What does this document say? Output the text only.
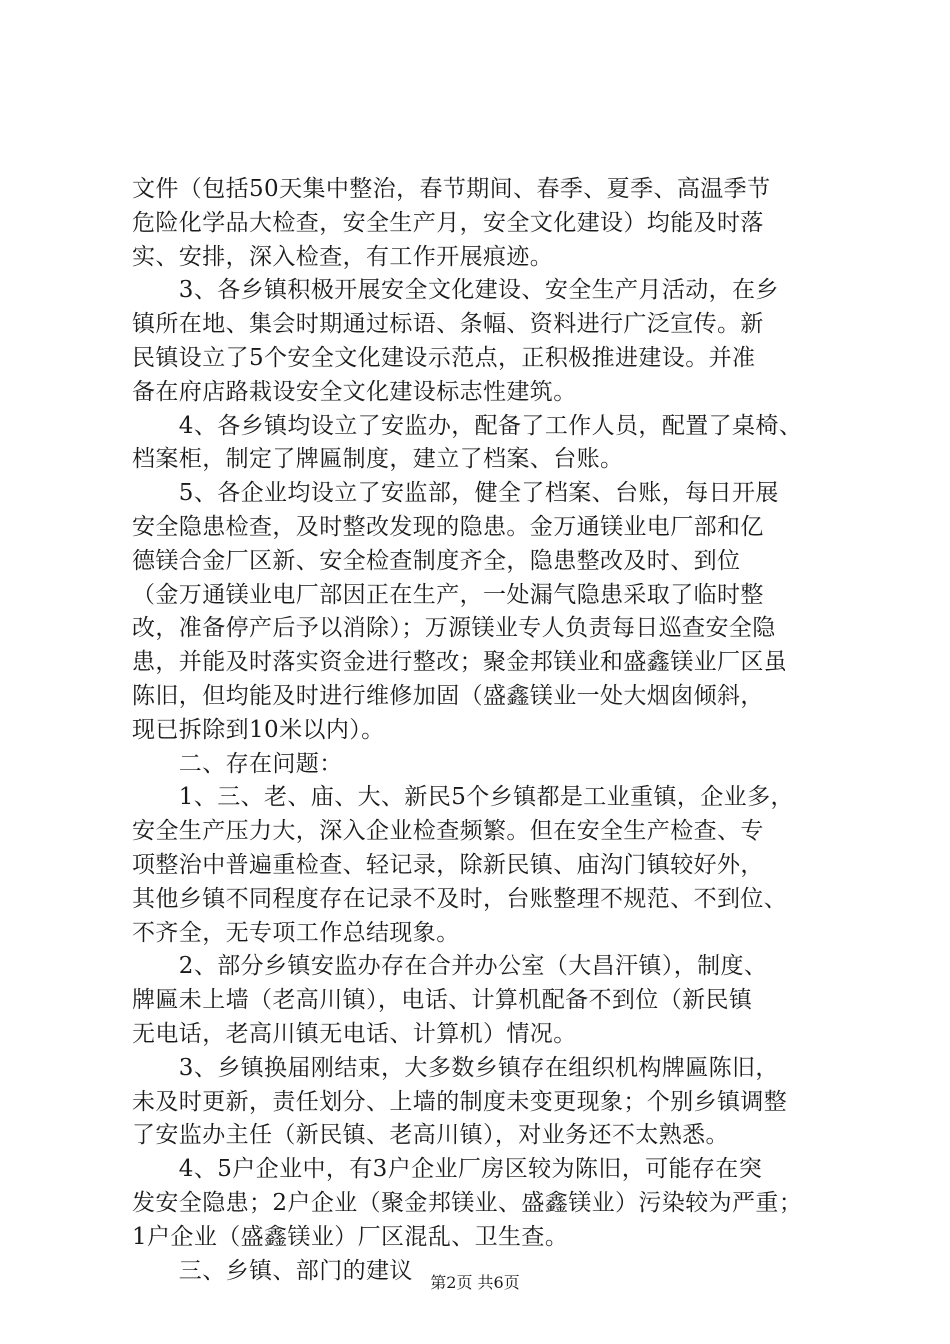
文件（包括50天集中整治，春节期间、春季、夏季、高温季节
危险化学品大检查，安全生产月，安全文化建设）均能及时落
实、安排，深入检查，有工作开展痕迹。
　　3、各乡镇积极开展安全文化建设、安全生产月活动，在乡
镇所在地、集会时期通过标语、条幅、资料进行广泛宣传。新
民镇设立了5个安全文化建设示范点，正积极推进建设。并准
备在府店路栽设安全文化建设标志性建筑。
　　4、各乡镇均设立了安监办，配备了工作人员，配置了桌椅、
档案柜，制定了牌匾制度，建立了档案、台账。
　　5、各企业均设立了安监部，健全了档案、台账，每日开展
安全隐患检查，及时整改发现的隐患。金万通镁业电厂部和亿
德镁合金厂区新、安全检查制度齐全，隐患整改及时、到位
（金万通镁业电厂部因正在生产，一处漏气隐患采取了临时整
改，准备停产后予以消除）；万源镁业专人负责每日巡查安全隐
患，并能及时落实资金进行整改；聚金邦镁业和盛鑫镁业厂区虽
陈旧，但均能及时进行维修加固（盛鑫镁业一处大烟囱倾斜，
现已拆除到10米以内）。
　　二、存在问题：
　　1、三、老、庙、大、新民5个乡镇都是工业重镇，企业多，
安全生产压力大，深入企业检查频繁。但在安全生产检查、专
项整治中普遍重检查、轻记录，除新民镇、庙沟门镇较好外，
其他乡镇不同程度存在记录不及时，台账整理不规范、不到位、
不齐全，无专项工作总结现象。
　　2、部分乡镇安监办存在合并办公室（大昌汗镇），制度、
牌匾未上墙（老高川镇），电话、计算机配备不到位（新民镇
无电话，老高川镇无电话、计算机）情况。
　　3、乡镇换届刚结束，大多数乡镇存在组织机构牌匾陈旧，
未及时更新，责任划分、上墙的制度未变更现象；个别乡镇调整
了安监办主任（新民镇、老高川镇），对业务还不太熟悉。
　　4、5户企业中，有3户企业厂房区较为陈旧，可能存在突
发安全隐患；2户企业（聚金邦镁业、盛鑫镁业）污染较为严重；
1户企业（盛鑫镁业）厂区混乱、卫生查。
　　三、乡镇、部门的建议	第2页 共6页
